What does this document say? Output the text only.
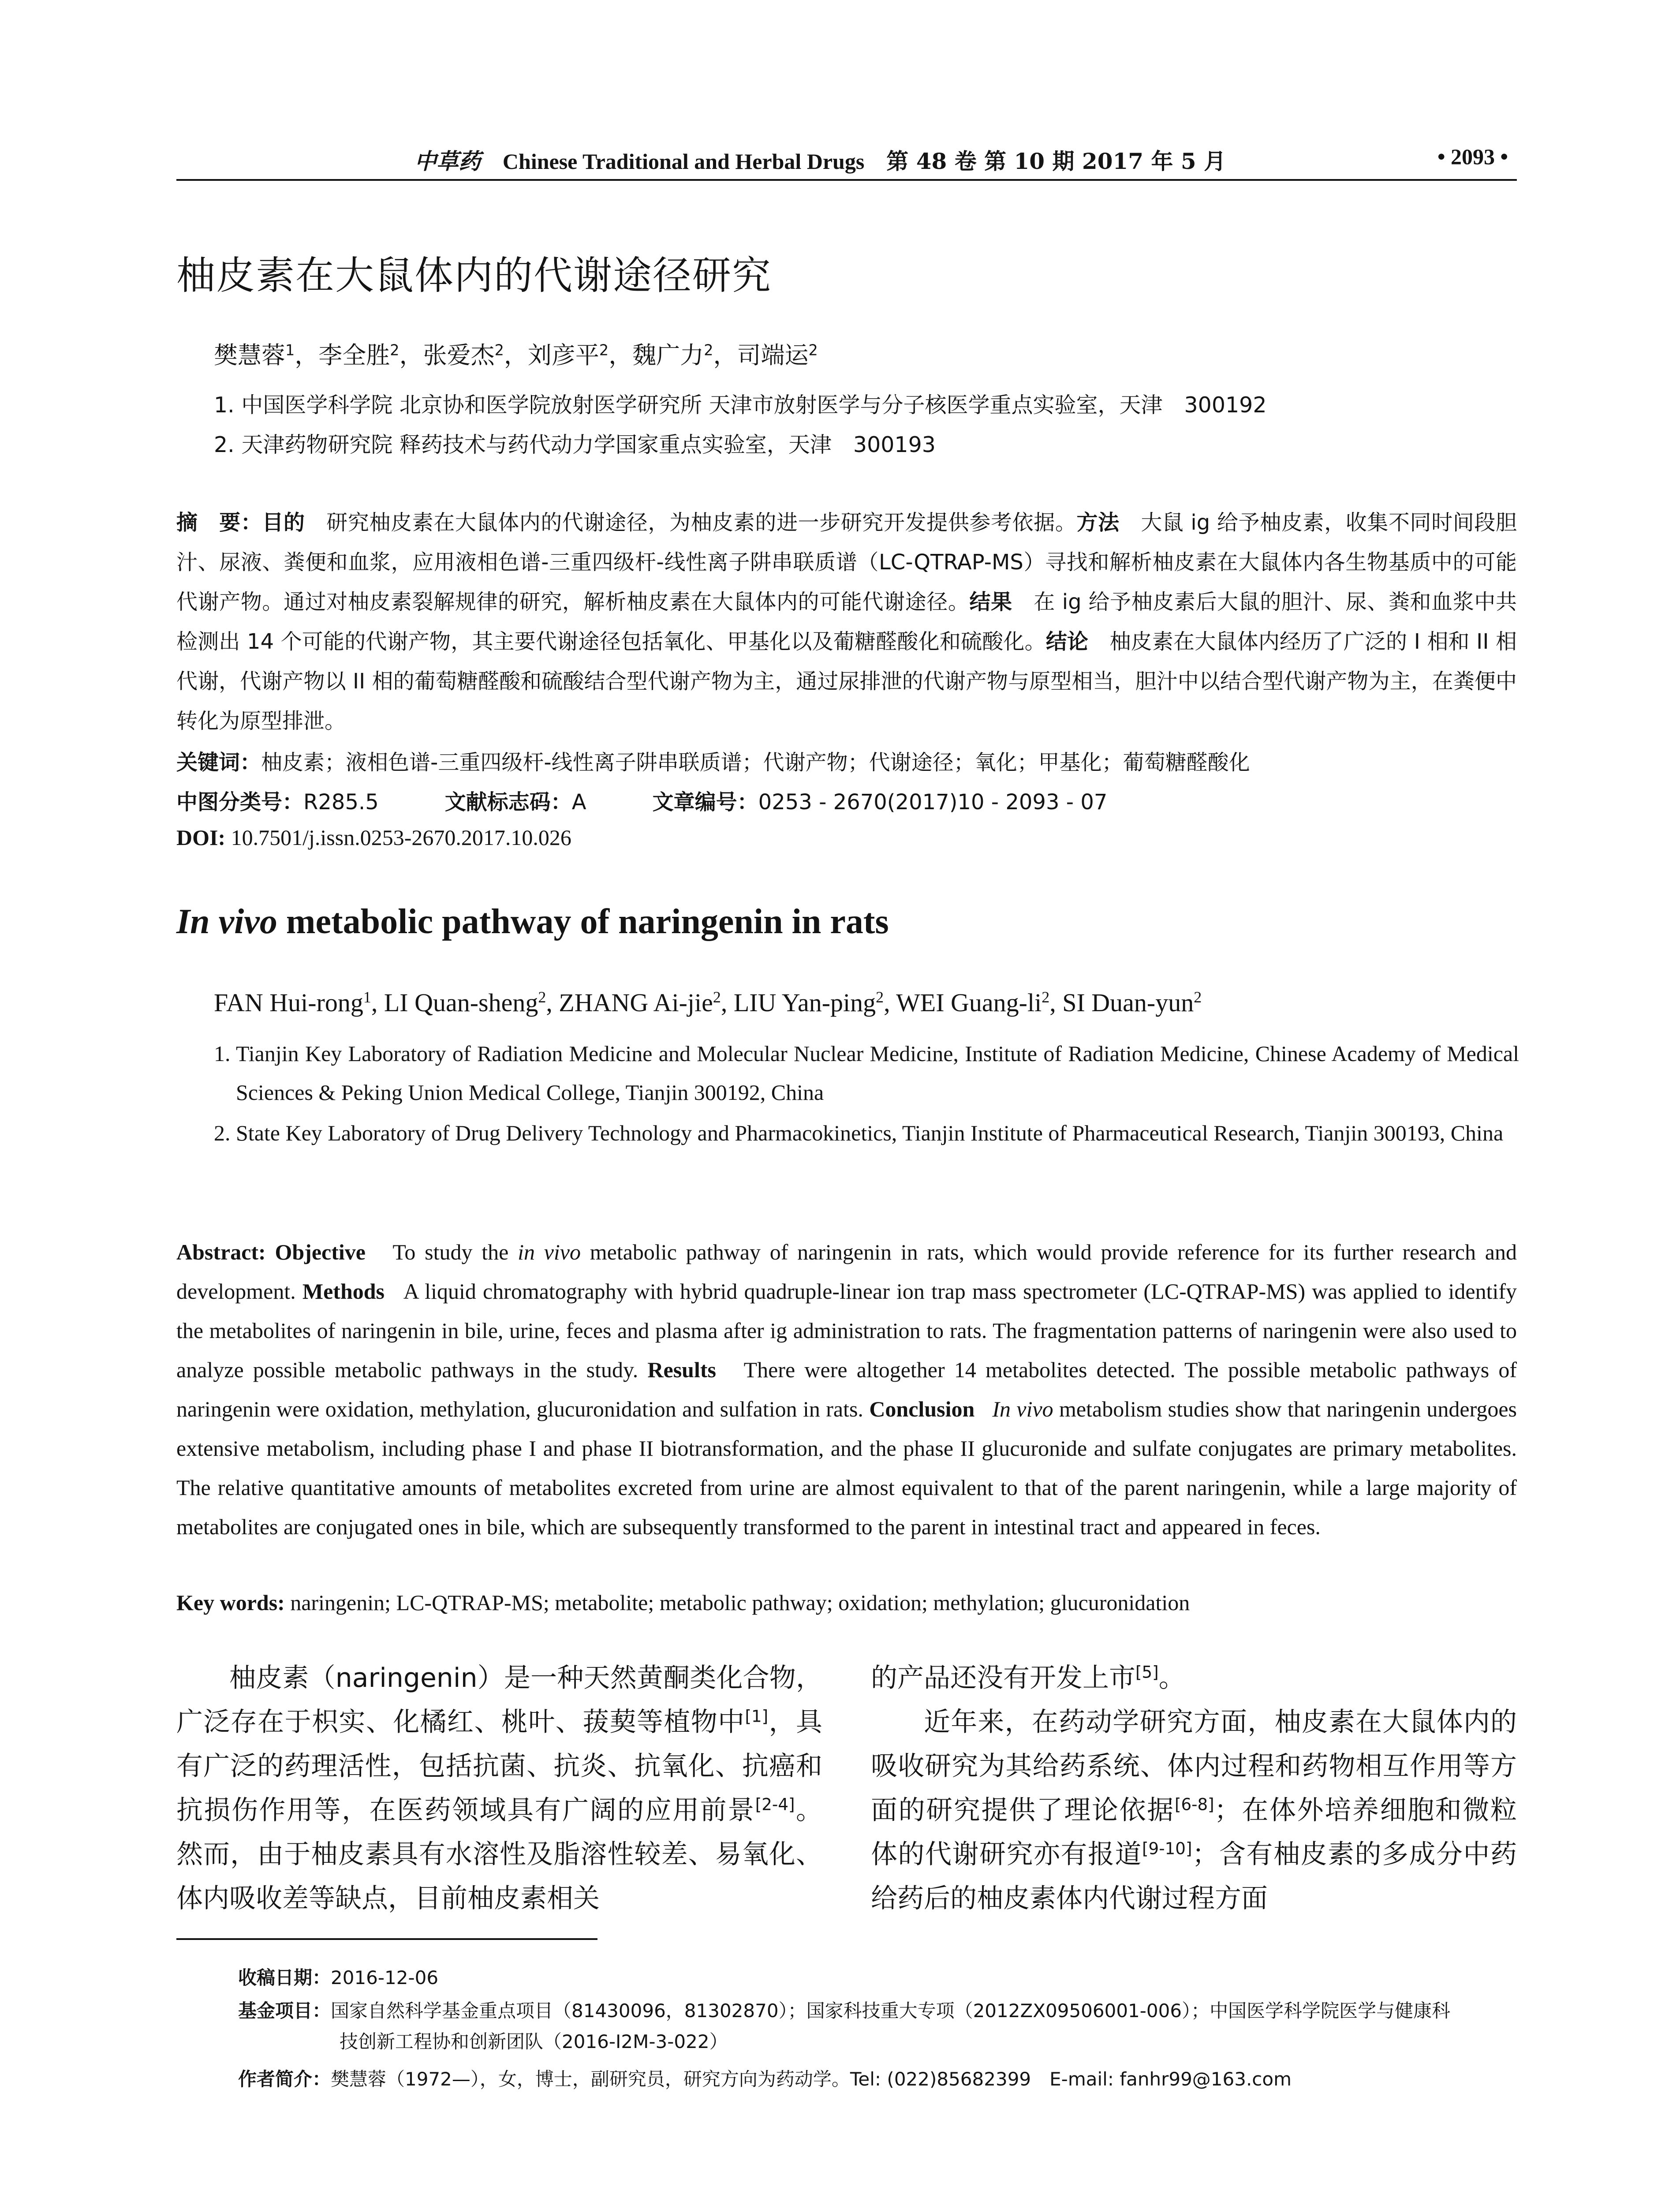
中草药 Chinese Traditional and Herbal Drugs 第 48 卷 第 10 期 2017 年 5 月	• 2093 •
柚皮素在大鼠体内的代谢途径研究
樊慧蓉$^1$，李全胜$^2$，张爱杰$^2$，刘彦平$^2$，魏广力$^2$，司端运$^2$
1. 中国医学科学院 北京协和医学院放射医学研究所 天津市放射医学与分子核医学重点实验室，天津　300192
2. 天津药物研究院 释药技术与药代动力学国家重点实验室，天津　300193
摘　要：目的　 研究柚皮素在大鼠体内的代谢途径，为柚皮素的进一步研究开发提供参考依据。方法　 大鼠 ig 给予柚皮素，收集不同时间段胆汁、尿液、粪便和血浆，应用液相色谱-三重四级杆-线性离子阱串联质谱（LC-QTRAP-MS）寻找和解析柚皮素在大鼠体内各生物基质中的可能代谢产物。通过对柚皮素裂解规律的研究，解析柚皮素在大鼠体内的可能代谢途径。结果　 在 ig 给予柚皮素后大鼠的胆汁、尿、粪和血浆中共检测出 14 个可能的代谢产物，其主要代谢途径包括氧化、甲基化以及葡糖醛酸化和硫酸化。结论　 柚皮素在大鼠体内经历了广泛的 I 相和 II 相代谢，代谢产物以 II 相的葡萄糖醛酸和硫酸结合型代谢产物为主，通过尿排泄的代谢产物与原型相当，胆汁中以结合型代谢产物为主，在粪便中转化为原型排泄。
关键词：柚皮素；液相色谱-三重四级杆-线性离子阱串联质谱；代谢产物；代谢途径；氧化；甲基化；葡萄糖醛酸化
中图分类号：R285.5	文献标志码：A	文章编号：0253 - 2670(2017)10 - 2093 - 07
DOI: 10.7501/j.issn.0253-2670.2017.10.026
In vivo metabolic pathway of naringenin in rats
FAN Hui-rong$^1$, LI Quan-sheng$^2$, ZHANG Ai-jie$^2$, LIU Yan-ping$^2$, WEI Guang-$li^2$, SI Duan-yun$^2$
1. Tianjin Key Laboratory of Radiation Medicine and Molecular Nuclear Medicine, Institute of Radiation Medicine, Chinese Academy of Medical Sciences & Peking Union Medical College, Tianjin 300192, China
2. State Key Laboratory of Drug Delivery Technology and Pharmacokinetics, Tianjin Institute of Pharmaceutical Research, Tianjin 300193, China
Abstract: Objective To study the in vivo metabolic pathway of naringenin in rats, which would provide reference for its further research and development. Methods A liquid chromatography with hybrid quadruple-linear ion trap mass spectrometer (LC-QTRAP-MS) was applied to identify the metabolites of naringenin in bile, urine, feces and plasma after ig administration to rats. The fragmentation patterns of naringenin were also used to analyze possible metabolic pathways in the study. Results There were altogether 14 metabolites detected. The possible metabolic pathways of naringenin were oxidation, methylation, glucuronidation and sulfation in rats. Conclusion In vivo metabolism studies show that naringenin undergoes extensive metabolism, including phase I and phase II biotransformation, and the phase II glucuronide and sulfate conjugates are primary metabolites. The relative quantitative amounts of metabolites excreted from urine are almost equivalent to that of the parent naringenin, while a large majority of metabolites are conjugated ones in bile, which are subsequently transformed to the parent in intestinal tract and appeared in feces.
Key words: naringenin; LC-QTRAP-MS; metabolite; metabolic pathway; oxidation; methylation; glucuronidation

柚皮素（naringenin）是一种天然黄酮类化合物，广泛存在于枳实、化橘红、桃叶、菝葜等植物中[1]，具有广泛的药理活性，包括抗菌、抗炎、抗氧化、抗癌和抗损伤作用等，在医药领域具有广阔的应用前景[2-4]。然而，由于柚皮素具有水溶性及脂溶性较差、易氧化、体内吸收差等缺点，目前柚皮素相关

的产品还没有开发上市[5]。

近年来，在药动学研究方面，柚皮素在大鼠体内的吸收研究为其给药系统、体内过程和药物相互作用等方面的研究提供了理论依据[6-8]；在体外培养细胞和微粒体的代谢研究亦有报道[9-10]；含有柚皮素的多成分中药给药后的柚皮素体内代谢过程方面

收稿日期：2016-12-06
基金项目：国家自然科学基金重点项目（81430096，81302870）；国家科技重大专项（2012ZX09506001-006）；中国医学科学院医学与健康科
技创新工程协和创新团队（2016-I2M-3-022）
作者简介：樊慧蓉（1972—），女，博士，副研究员，研究方向为药动学。Tel: (022)85682399　E-mail: fanhr99@163.com
